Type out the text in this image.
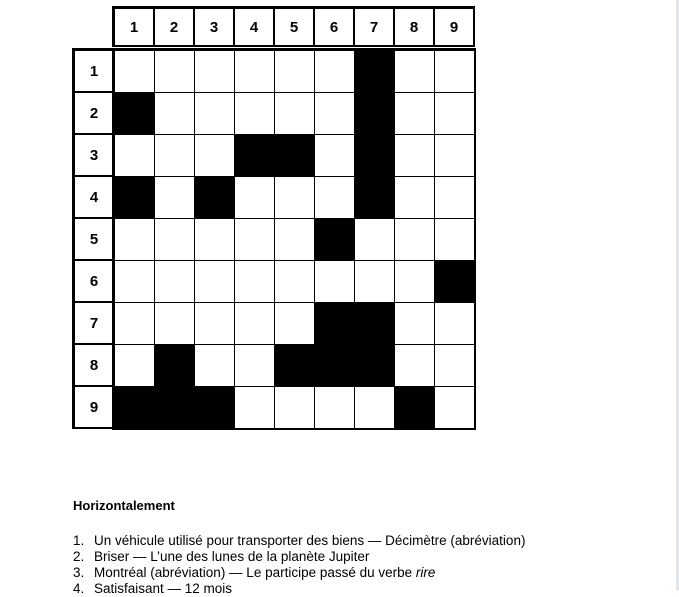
1	2	3	4	5	6	7	8	9
1
2
3
4
5
6
7
8
9
Horizontalement
1. Un véhicule utilisé pour transporter des biens — Décimètre (abréviation)
2. Briser — L’une des lunes de la planète Jupiter
3. Montréal (abréviation) — Le participe passé du verbe rire
4. Satisfaisant — 12 mois
